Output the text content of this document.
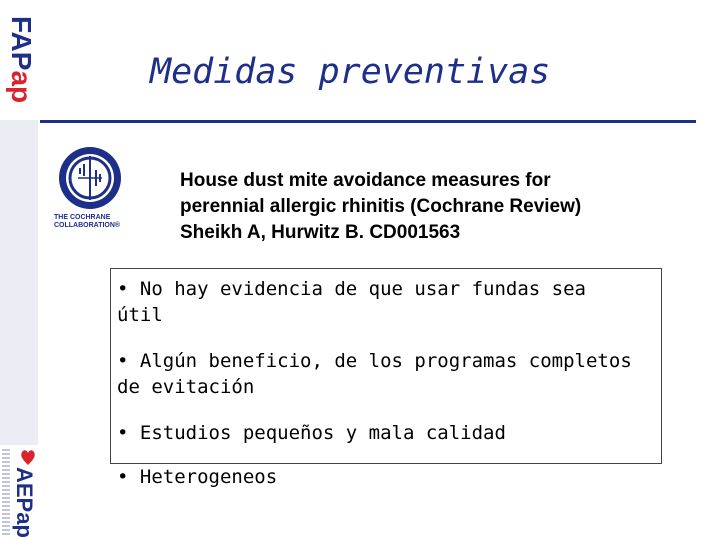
FAPap
AEPap
Medidas preventivas
THE COCHRANE
COLLABORATION®
House dust mite avoidance measures for
perennial allergic rhinitis (Cochrane Review)
Sheikh A, Hurwitz B. CD001563
• No hay evidencia de que usar fundas sea
útil
• Algún beneficio, de los programas completos
de evitación
• Estudios pequeños y mala calidad
• Heterogeneos
